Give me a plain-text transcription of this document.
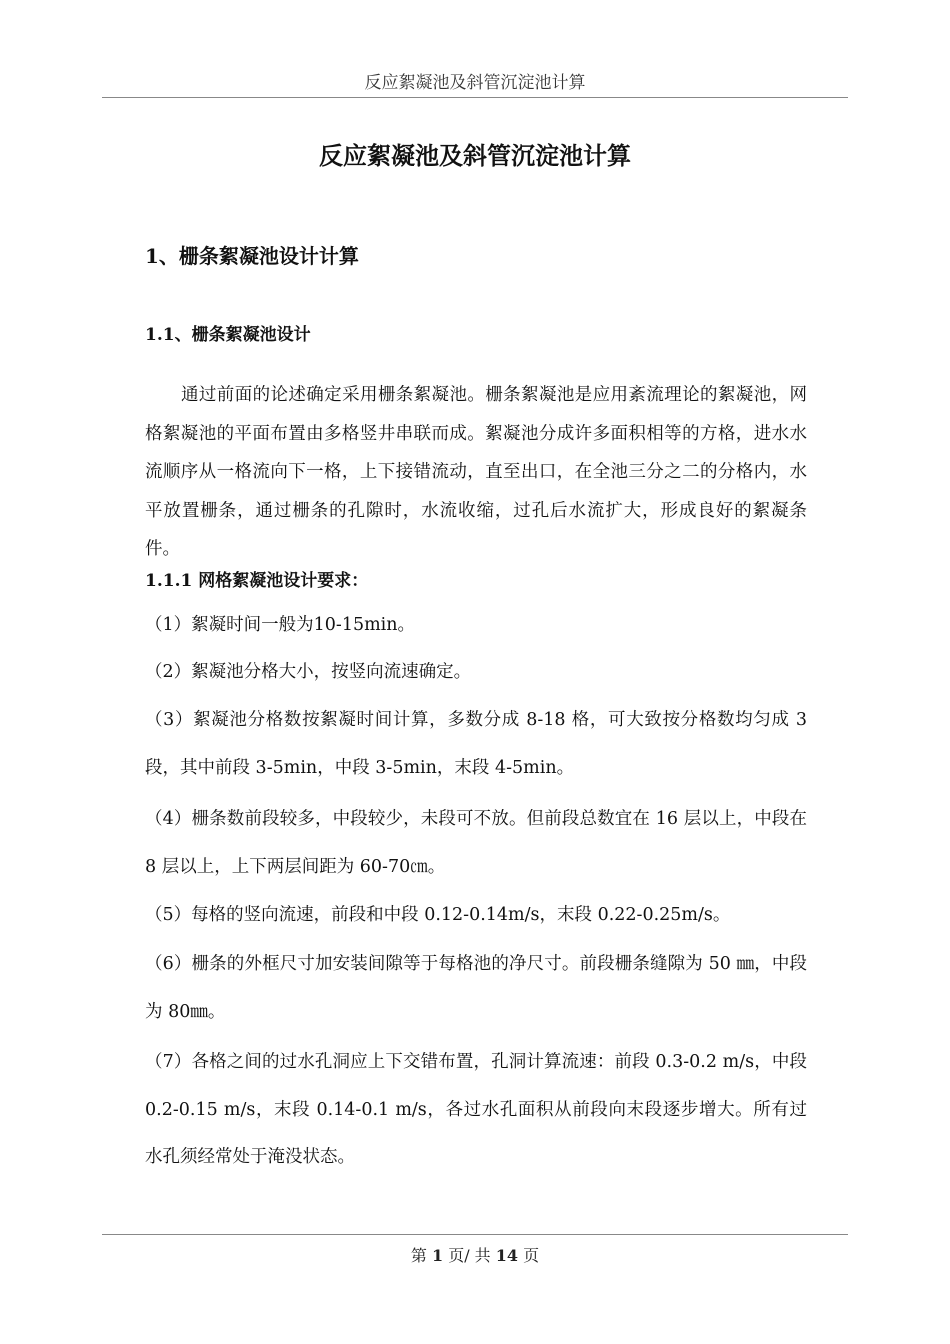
反应絮凝池及斜管沉淀池计算
反应絮凝池及斜管沉淀池计算
1、栅条絮凝池设计计算
1.1、栅条絮凝池设计
通过前面的论述确定采用栅条絮凝池。栅条絮凝池是应用紊流理论的絮凝池，网格絮凝池的平面布置由多格竖井串联而成。絮凝池分成许多面积相等的方格，进水水流顺序从一格流向下一格，上下接错流动，直至出口，在全池三分之二的分格内，水平放置栅条，通过栅条的孔隙时，水流收缩，过孔后水流扩大，形成良好的絮凝条件。
1.1.1 网格絮凝池设计要求：
（1）絮凝时间一般为10-15min。
（2）絮凝池分格大小，按竖向流速确定。
（3）絮凝池分格数按絮凝时间计算，多数分成 8-18 格，可大致按分格数均匀成 3 段，其中前段 3-5min，中段 3-5min，末段 4-5min。
（4）栅条数前段较多，中段较少，未段可不放。但前段总数宜在 16 层以上，中段在 8 层以上，上下两层间距为 60-70㎝。
（5）每格的竖向流速，前段和中段 0.12-0.14m/s，末段 0.22-0.25m/s。
（6）栅条的外框尺寸加安装间隙等于每格池的净尺寸。前段栅条缝隙为 50 ㎜，中段为 80㎜。
（7）各格之间的过水孔洞应上下交错布置，孔洞计算流速：前段 0.3-0.2 m/s，中段 0.2-0.15 m/s，末段 0.14-0.1 m/s，各过水孔面积从前段向末段逐步增大。所有过水孔须经常处于淹没状态。
第 1 页/ 共 14 页
